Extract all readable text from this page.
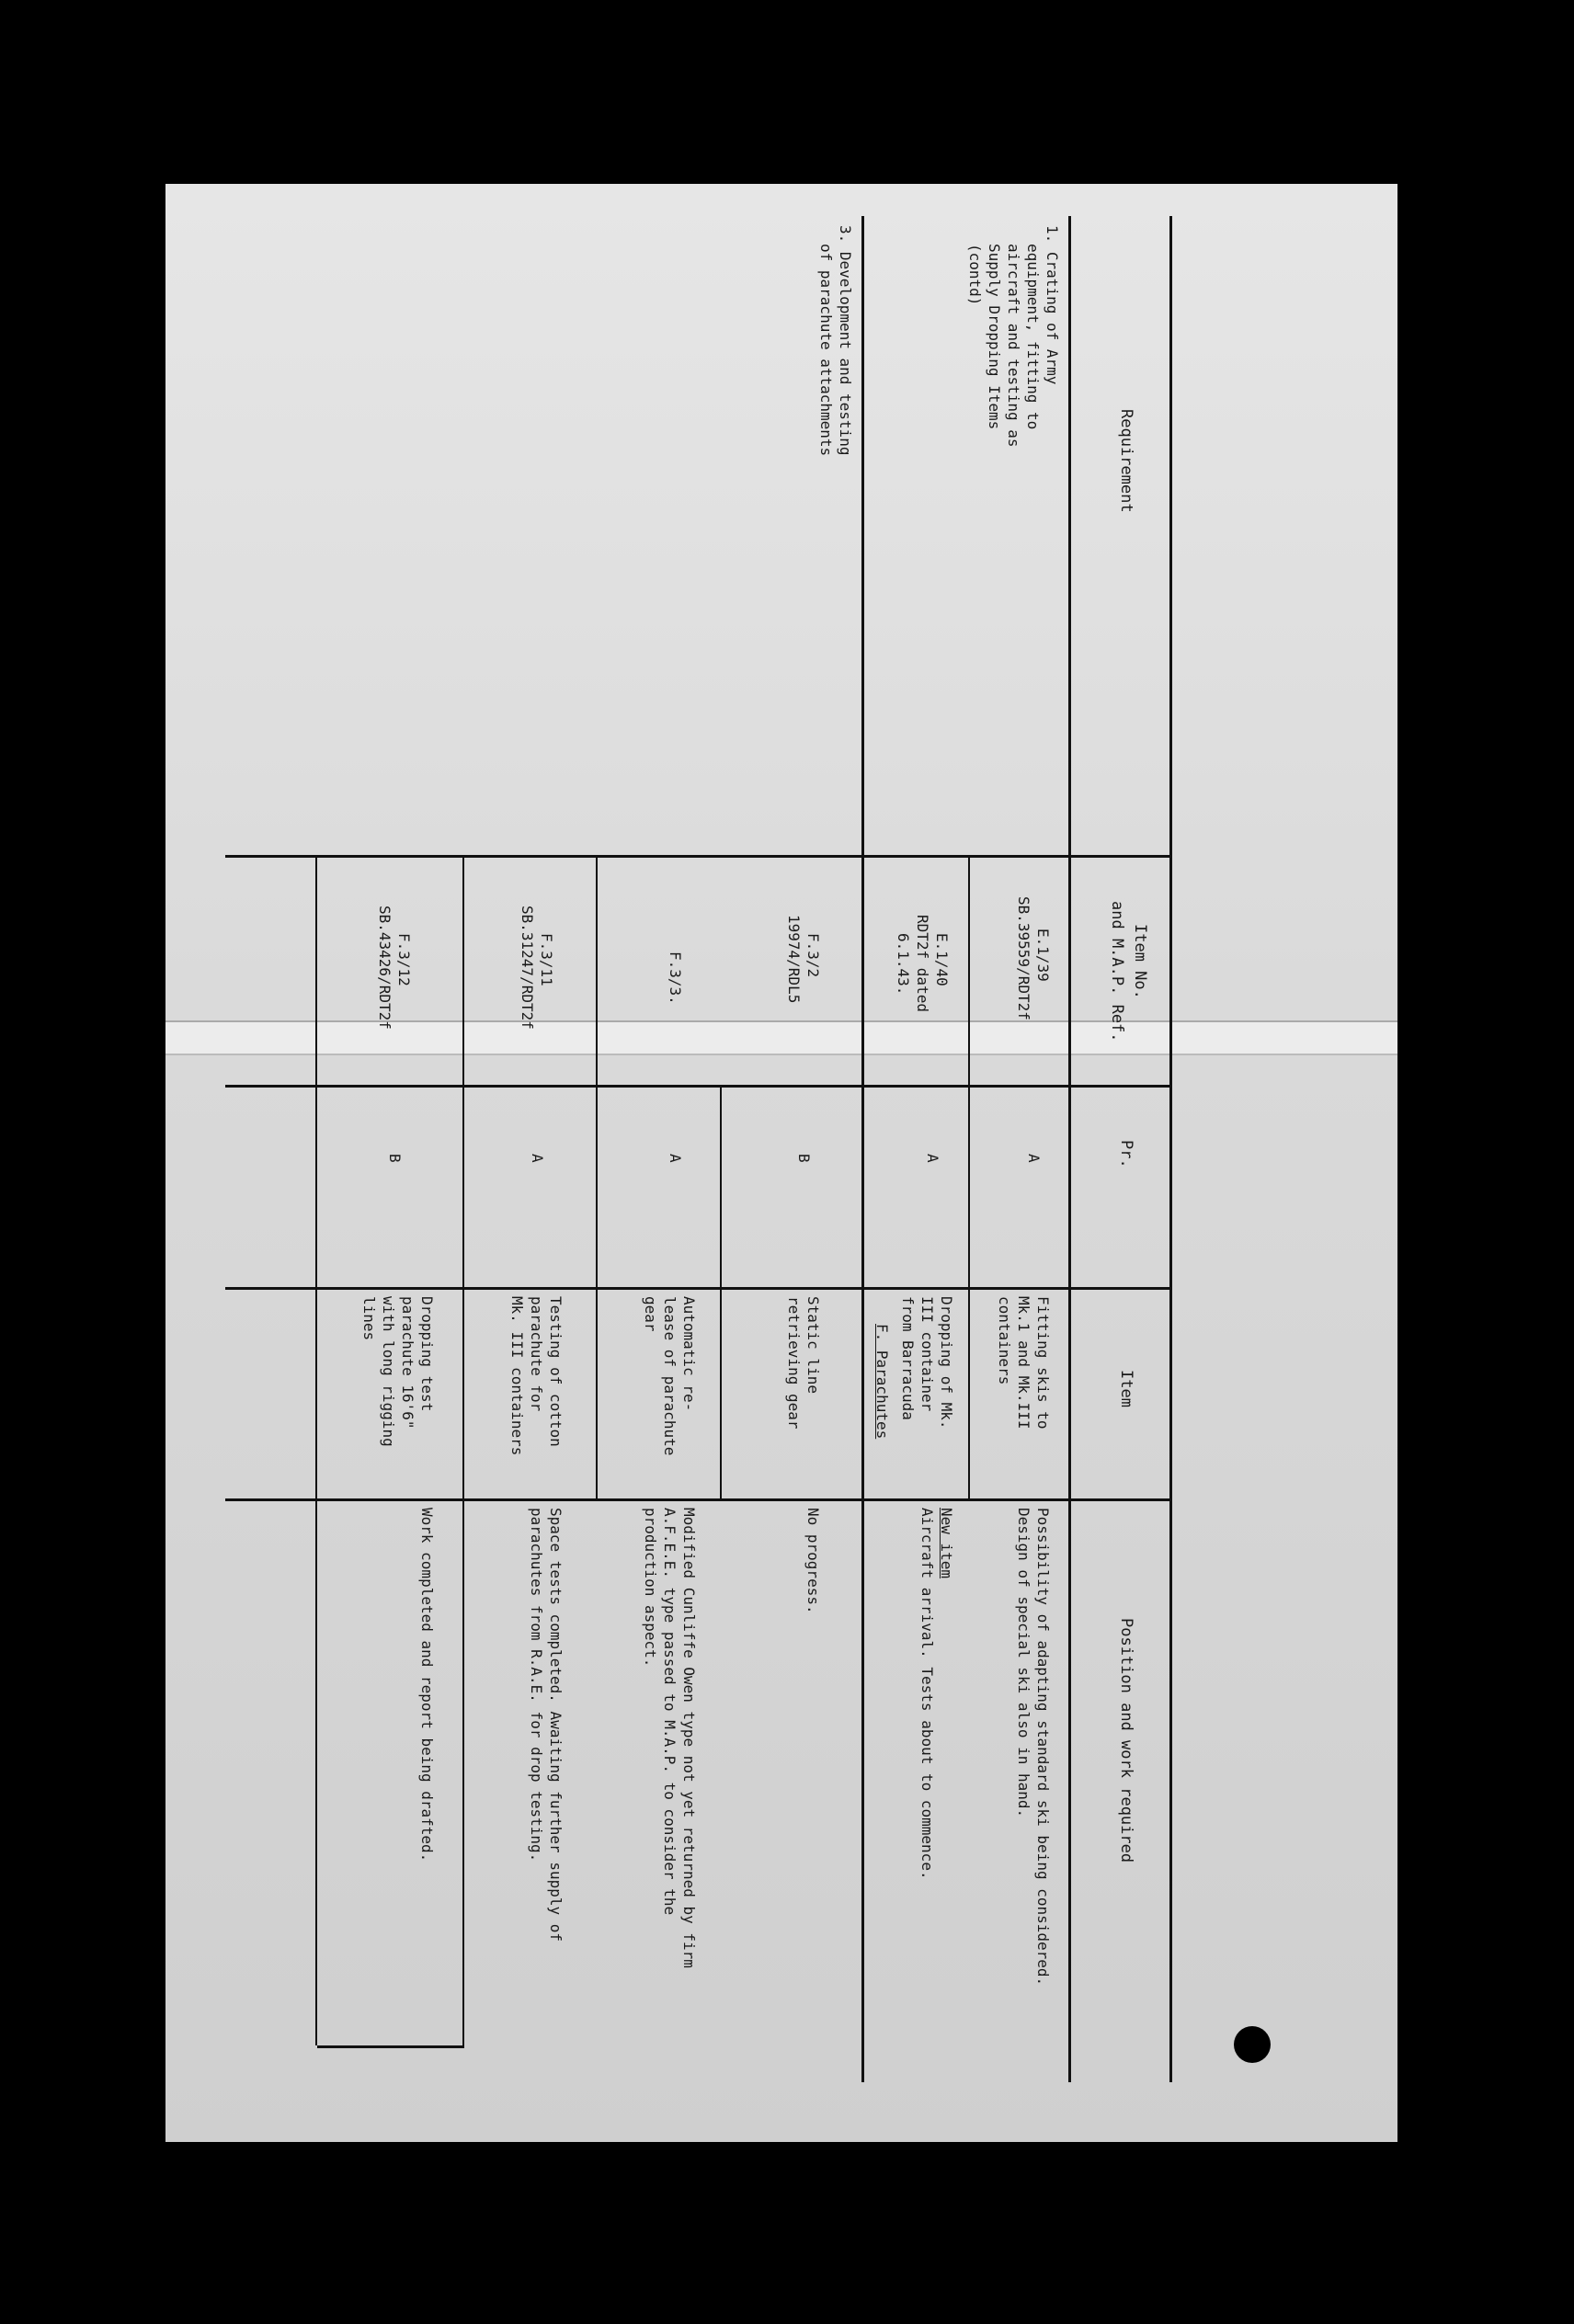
Requirement
Item No.
and M.A.P. Ref.
Pr.
Item
Position and work required
1. Crating of Army
equipment, fitting to
aircraft and testing as
Supply Dropping Items
(contd)
3. Development and testing
of parachute attachments
F. Parachutes
E.1/39
SB.39559/RDT2f
A
Fitting skis to
Mk.1 and Mk.III
containers
Possibility of adapting standard ski being considered.
Design of special ski also in hand.
E.1/40
RDT2f dated
6.1.43.
A
Dropping of Mk.
III container
from Barracuda
New item
Aircraft arrival. Tests about to commence.
F.3/2
19974/RDL5
B
Static line
retrieving gear
No progress.
F.3/3.
A
Automatic re-
lease of parachute
gear
Modified Cunliffe Owen type not yet returned by firm
A.F.E.E. type passed to M.A.P. to consider the
production aspect.
F.3/11
SB.31247/RDT2f
A
Testing of cotton
parachute for
Mk. III containers
Space tests completed. Awaiting further supply of
parachutes from R.A.E. for drop testing.
F.3/12
SB.43426/RDT2f
B
Dropping test
parachute 16'6"
with long rigging
lines
Work completed and report being drafted.
